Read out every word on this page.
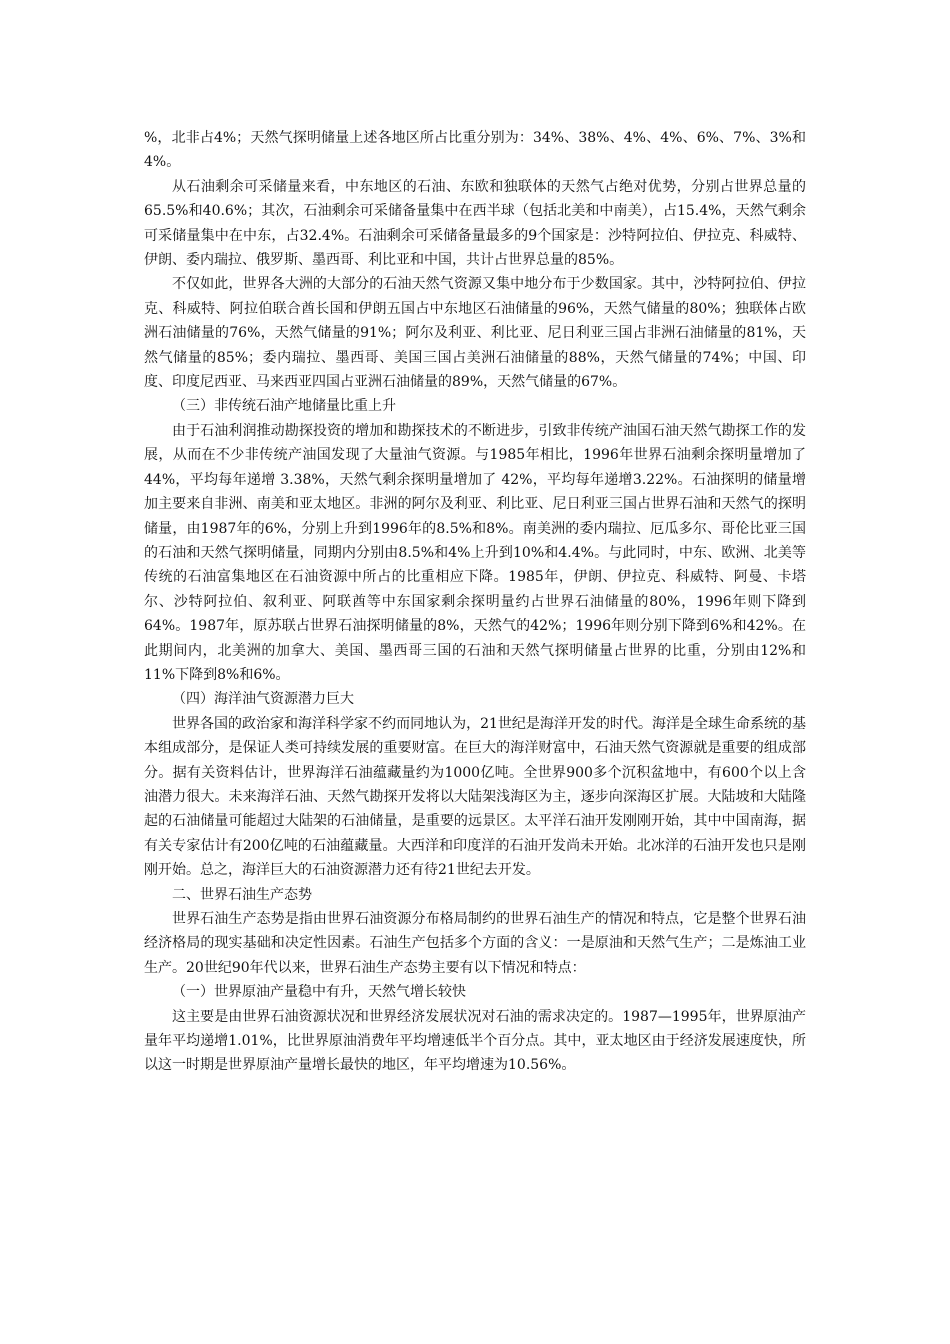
%，北非占4%；天然气探明储量上述各地区所占比重分别为：34%、38%、4%、4%、6%、7%、3%和4%。

从石油剩余可采储量来看，中东地区的石油、东欧和独联体的天然气占绝对优势，分别占世界总量的65.5%和40.6%；其次，石油剩余可采储备量集中在西半球（包括北美和中南美），占15.4%，天然气剩余可采储量集中在中东，占32.4%。石油剩余可采储备量最多的9个国家是：沙特阿拉伯、伊拉克、科威特、伊朗、委内瑞拉、俄罗斯、墨西哥、利比亚和中国，共计占世界总量的85%。

不仅如此，世界各大洲的大部分的石油天然气资源又集中地分布于少数国家。其中，沙特阿拉伯、伊拉克、科威特、阿拉伯联合酋长国和伊朗五国占中东地区石油储量的96%，天然气储量的80%；独联体占欧洲石油储量的76%，天然气储量的91%；阿尔及利亚、利比亚、尼日利亚三国占非洲石油储量的81%，天然气储量的85%；委内瑞拉、墨西哥、美国三国占美洲石油储量的88%，天然气储量的74%；中国、印度、印度尼西亚、马来西亚四国占亚洲石油储量的89%，天然气储量的67%。

（三）非传统石油产地储量比重上升

由于石油利润推动勘探投资的增加和勘探技术的不断进步，引致非传统产油国石油天然气勘探工作的发展，从而在不少非传统产油国发现了大量油气资源。与1985年相比，1996年世界石油剩余探明量增加了 44%，平均每年递增 3.38%，天然气剩余探明量增加了 42%，平均每年递增3.22%。石油探明的储量增加主要来自非洲、南美和亚太地区。非洲的阿尔及利亚、利比亚、尼日利亚三国占世界石油和天然气的探明储量，由1987年的6%，分别上升到1996年的8.5%和8%。南美洲的委内瑞拉、厄瓜多尔、哥伦比亚三国的石油和天然气探明储量，同期内分别由8.5%和4%上升到10%和4.4%。与此同时，中东、欧洲、北美等传统的石油富集地区在石油资源中所占的比重相应下降。1985年，伊朗、伊拉克、科威特、阿曼、卡塔尔、沙特阿拉伯、叙利亚、阿联酋等中东国家剩余探明量约占世界石油储量的80%，1996年则下降到64%。1987年，原苏联占世界石油探明储量的8%，天然气的42%；1996年则分别下降到6%和42%。在此期间内，北美洲的加拿大、美国、墨西哥三国的石油和天然气探明储量占世界的比重，分别由12%和11%下降到8%和6%。

（四）海洋油气资源潜力巨大

世界各国的政治家和海洋科学家不约而同地认为，21世纪是海洋开发的时代。海洋是全球生命系统的基本组成部分，是保证人类可持续发展的重要财富。在巨大的海洋财富中，石油天然气资源就是重要的组成部分。据有关资料估计，世界海洋石油蕴藏量约为1000亿吨。全世界900多个沉积盆地中，有600个以上含油潜力很大。未来海洋石油、天然气勘探开发将以大陆架浅海区为主，逐步向深海区扩展。大陆坡和大陆隆起的石油储量可能超过大陆架的石油储量，是重要的远景区。太平洋石油开发刚刚开始，其中中国南海，据有关专家估计有200亿吨的石油蕴藏量。大西洋和印度洋的石油开发尚未开始。北冰洋的石油开发也只是刚刚开始。总之，海洋巨大的石油资源潜力还有待21世纪去开发。

二、世界石油生产态势

世界石油生产态势是指由世界石油资源分布格局制约的世界石油生产的情况和特点，它是整个世界石油经济格局的现实基础和决定性因素。石油生产包括多个方面的含义：一是原油和天然气生产；二是炼油工业生产。20世纪90年代以来，世界石油生产态势主要有以下情况和特点：

（一）世界原油产量稳中有升，天然气增长较快

这主要是由世界石油资源状况和世界经济发展状况对石油的需求决定的。1987—1995年，世界原油产量年平均递增1.01%，比世界原油消费年平均增速低半个百分点。其中，亚太地区由于经济发展速度快，所以这一时期是世界原油产量增长最快的地区，年平均增速为10.56%。
